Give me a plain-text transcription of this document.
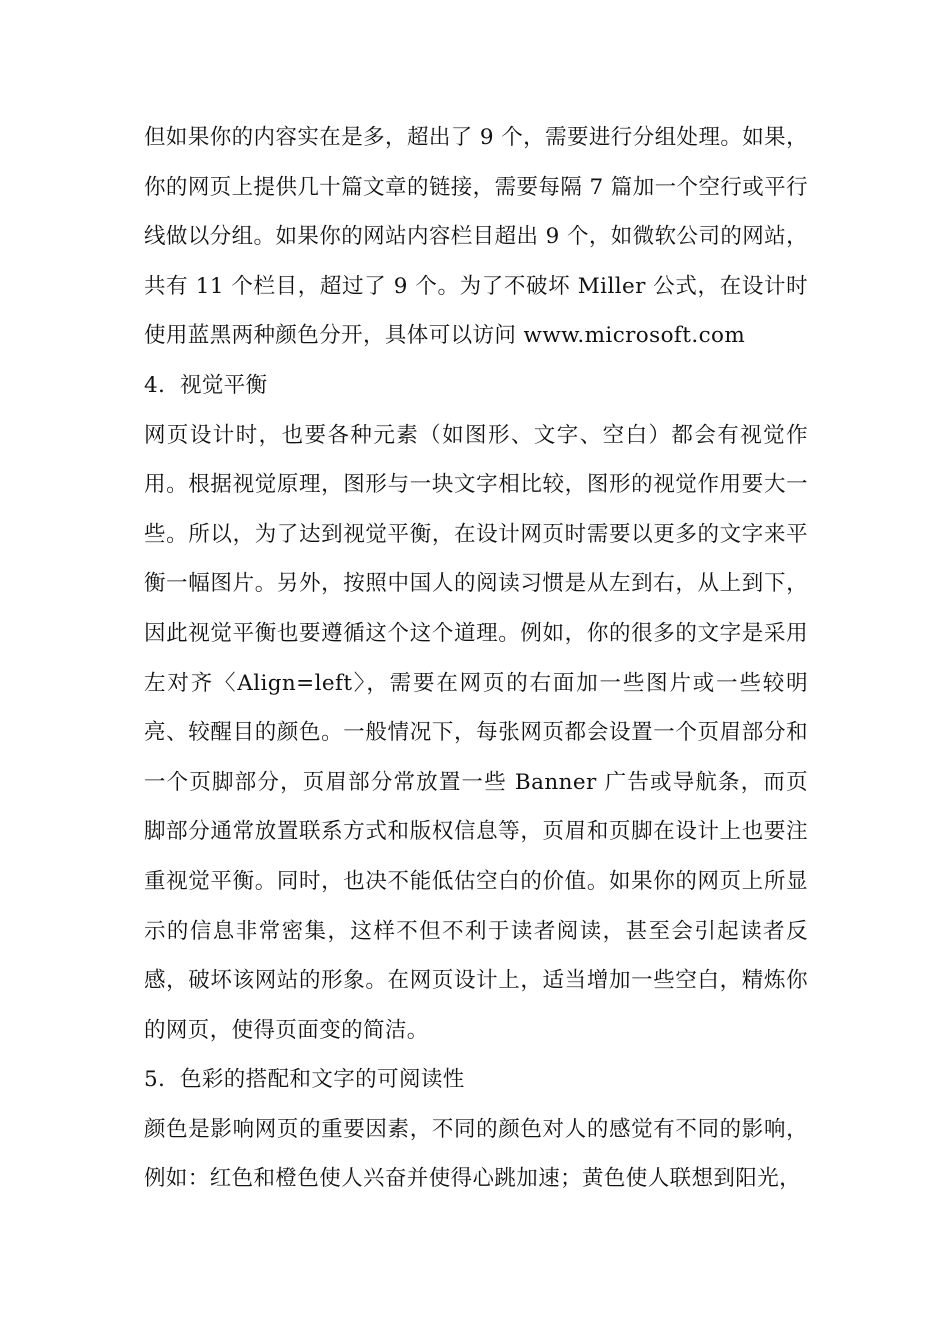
但如果你的内容实在是多，超出了 9 个，需要进行分组处理。如果，你的网页上提供几十篇文章的链接，需要每隔 7 篇加一个空行或平行线做以分组。如果你的网站内容栏目超出 9 个，如微软公司的网站，共有 11 个栏目，超过了 9 个。为了不破坏 Miller 公式，在设计时使用蓝黑两种颜色分开，具体可以访问 www.microsoft.com

4．视觉平衡

网页设计时，也要各种元素（如图形、文字、空白）都会有视觉作用。根据视觉原理，图形与一块文字相比较，图形的视觉作用要大一些。所以，为了达到视觉平衡，在设计网页时需要以更多的文字来平衡一幅图片。另外，按照中国人的阅读习惯是从左到右，从上到下，因此视觉平衡也要遵循这个这个道理。例如，你的很多的文字是采用左对齐〈Align=left〉，需要在网页的右面加一些图片或一些较明亮、较醒目的颜色。一般情况下，每张网页都会设置一个页眉部分和一个页脚部分，页眉部分常放置一些 Banner 广告或导航条，而页脚部分通常放置联系方式和版权信息等，页眉和页脚在设计上也要注重视觉平衡。同时，也决不能低估空白的价值。如果你的网页上所显示的信息非常密集，这样不但不利于读者阅读，甚至会引起读者反感，破坏该网站的形象。在网页设计上，适当增加一些空白，精炼你的网页，使得页面变的简洁。

5．色彩的搭配和文字的可阅读性

颜色是影响网页的重要因素，不同的颜色对人的感觉有不同的影响，例如：红色和橙色使人兴奋并使得心跳加速；黄色使人联想到阳光，
